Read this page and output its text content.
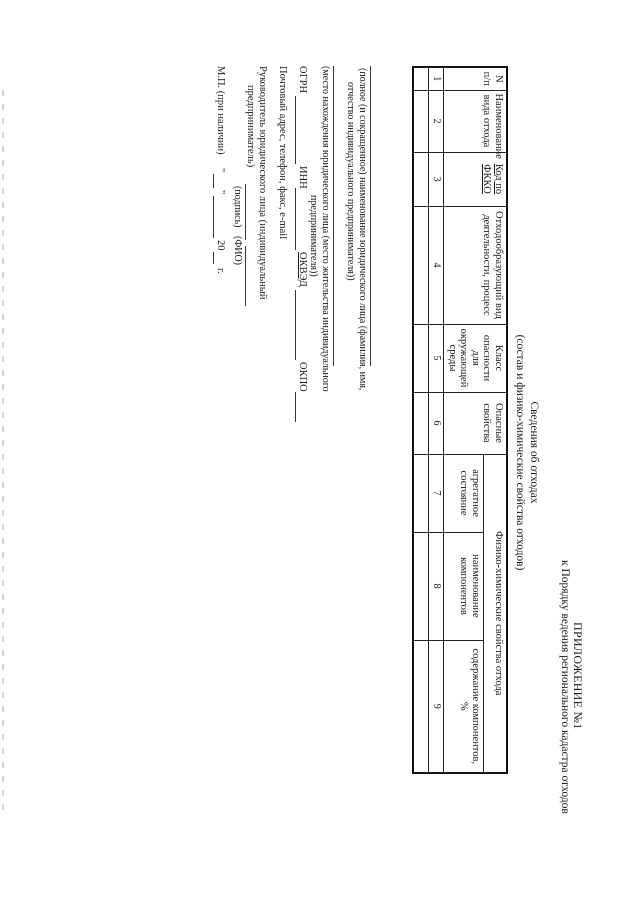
ПРИЛОЖЕНИЕ №1
к Порядку ведения регионального кадастра отходов
Сведения об отходах
(состав и физико-химические свойства отходов)
N п/п	Наименование вида отхода	Код по ФККО	Отходообразующий вид деятельности, процесс	Класс опасности для окружающей среды	Опасные свойства	Физико-химические свойства отхода		
						агрегатное состояние	наименование компонентов	содержание компонентов, %
1	2	3	4	5	6	7	8	9

(полное (и сокращенное) наименование юридического лица (фамилия, имя,
отчество индивидуального предпринимателя))
(место нахождения юридического лица (место жительства индивидуального
предпринимателя))
ОГРН
ИНН
ОКВЭД
ОКПО
Почтовый адрес, телефон, факс, e-mail
Руководитель юридического лица (индивидуальный
предприниматель)
(подпись)
(ФИО)
М.П. (при наличии)
"
"
20
г.
